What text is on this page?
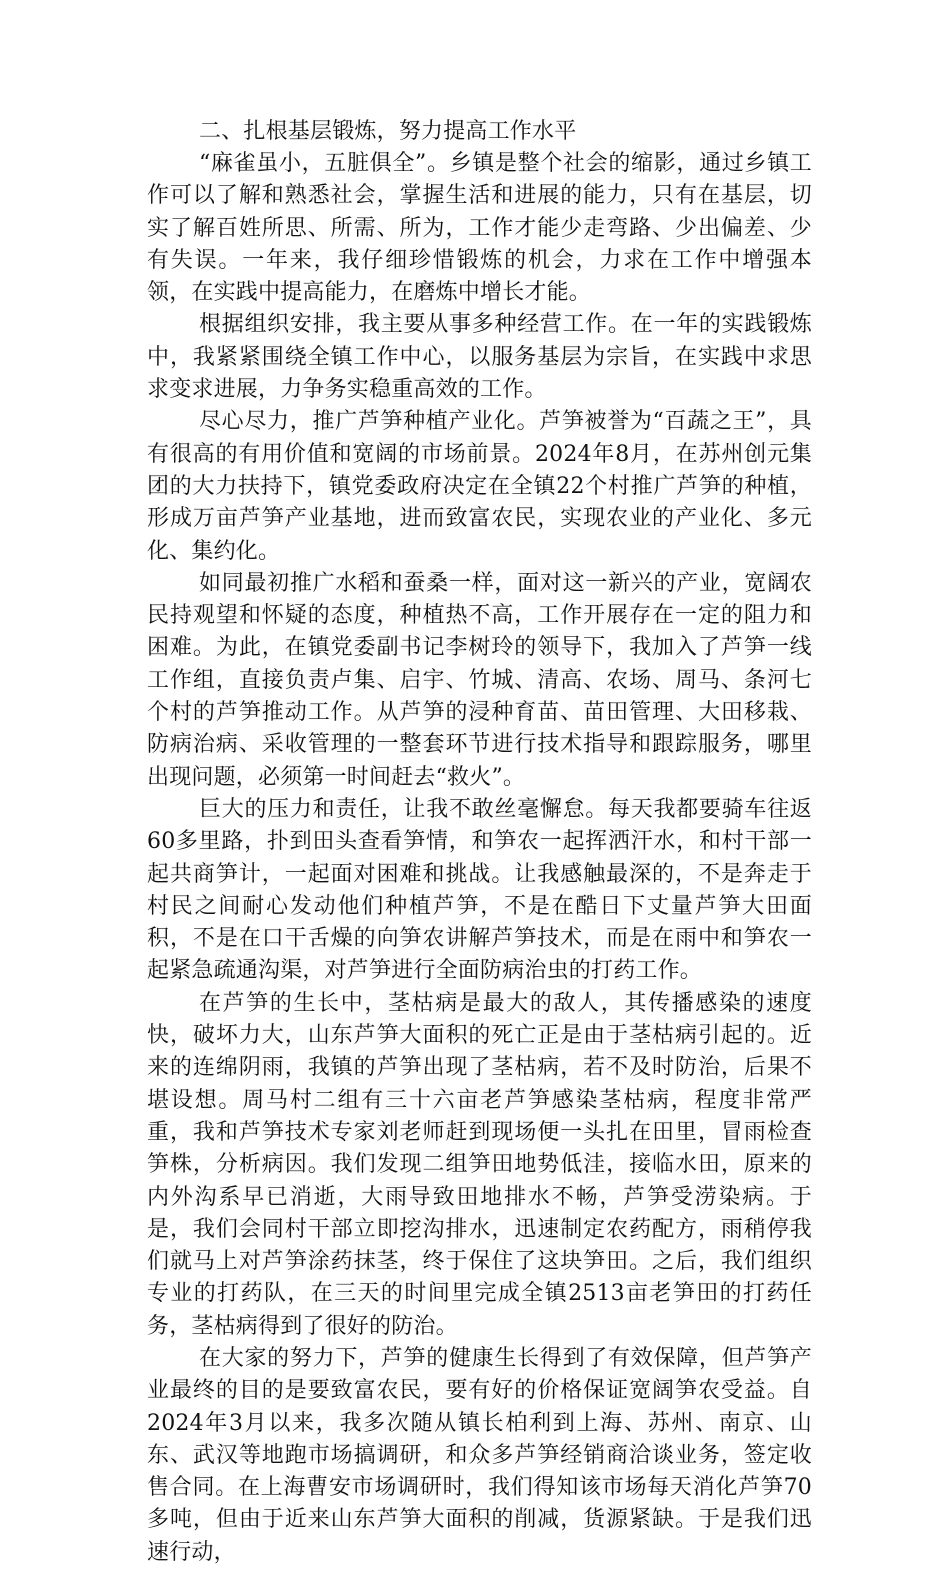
二、扎根基层锻炼，努力提高工作水平

“麻雀虽小，五脏俱全”。乡镇是整个社会的缩影，通过乡镇工作可以了解和熟悉社会，掌握生活和进展的能力，只有在基层，切实了解百姓所思、所需、所为，工作才能少走弯路、少出偏差、少有失误。一年来，我仔细珍惜锻炼的机会，力求在工作中增强本领，在实践中提高能力，在磨炼中增长才能。

根据组织安排，我主要从事多种经营工作。在一年的实践锻炼中，我紧紧围绕全镇工作中心，以服务基层为宗旨，在实践中求思求变求进展，力争务实稳重高效的工作。

尽心尽力，推广芦笋种植产业化。芦笋被誉为“百蔬之王”，具有很高的有用价值和宽阔的市场前景。2024年8月，在苏州创元集团的大力扶持下，镇党委政府决定在全镇22个村推广芦笋的种植，形成万亩芦笋产业基地，进而致富农民，实现农业的产业化、多元化、集约化。

如同最初推广水稻和蚕桑一样，面对这一新兴的产业，宽阔农民持观望和怀疑的态度，种植热不高，工作开展存在一定的阻力和困难。为此，在镇党委副书记李树玲的领导下，我加入了芦笋一线工作组，直接负责卢集、启宇、竹城、清高、农场、周马、条河七个村的芦笋推动工作。从芦笋的浸种育苗、苗田管理、大田移栽、防病治病、采收管理的一整套环节进行技术指导和跟踪服务，哪里出现问题，必须第一时间赶去“救火”。

巨大的压力和责任，让我不敢丝毫懈怠。每天我都要骑车往返60多里路，扑到田头查看笋情，和笋农一起挥洒汗水，和村干部一起共商笋计，一起面对困难和挑战。让我感触最深的，不是奔走于村民之间耐心发动他们种植芦笋，不是在酷日下丈量芦笋大田面积，不是在口干舌燥的向笋农讲解芦笋技术，而是在雨中和笋农一起紧急疏通沟渠，对芦笋进行全面防病治虫的打药工作。

在芦笋的生长中，茎枯病是最大的敌人，其传播感染的速度快，破坏力大，山东芦笋大面积的死亡正是由于茎枯病引起的。近来的连绵阴雨，我镇的芦笋出现了茎枯病，若不及时防治，后果不堪设想。周马村二组有三十六亩老芦笋感染茎枯病，程度非常严重，我和芦笋技术专家刘老师赶到现场便一头扎在田里，冒雨检查笋株，分析病因。我们发现二组笋田地势低洼，接临水田，原来的内外沟系早已消逝，大雨导致田地排水不畅，芦笋受涝染病。于是，我们会同村干部立即挖沟排水，迅速制定农药配方，雨稍停我们就马上对芦笋涂药抹茎，终于保住了这块笋田。之后，我们组织专业的打药队，在三天的时间里完成全镇2513亩老笋田的打药任务，茎枯病得到了很好的防治。

在大家的努力下，芦笋的健康生长得到了有效保障，但芦笋产业最终的目的是要致富农民，要有好的价格保证宽阔笋农受益。自2024年3月以来，我多次随从镇长柏利到上海、苏州、南京、山东、武汉等地跑市场搞调研，和众多芦笋经销商洽谈业务，签定收售合同。在上海曹安市场调研时，我们得知该市场每天消化芦笋70多吨，但由于近来山东芦笋大面积的削减，货源紧缺。于是我们迅速行动，
